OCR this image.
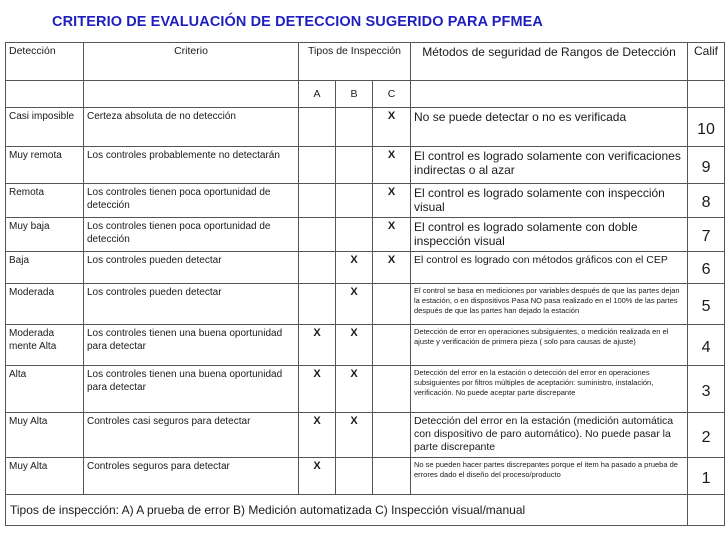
CRITERIO DE EVALUACIÓN DE DETECCION SUGERIDO PARA PFMEA
Detección	Criterio	Tipos de Inspección			Métodos de seguridad de Rangos de Detección	Calif
		A	B	C		
Casi imposible	Certeza absoluta de no detección			X	No se puede detectar o no es verificada	10
Muy remota	Los controles probablemente no detectarán			X	El control es logrado solamente con verificaciones indirectas o al azar	9
Remota	Los controles tienen poca oportunidad de detección			X	El control es logrado solamente con inspección visual	8
Muy baja	Los controles tienen poca oportunidad de detección			X	El control es logrado solamente con doble inspección visual	7
Baja	Los controles pueden detectar		X	X	El control es logrado con métodos gráficos con el CEP	6
Moderada	Los controles pueden detectar		X		El control se basa en mediciones por variables después de que las partes dejan la estación, o en dispositivos Pasa NO pasa realizado en el 100% de las partes después de que las partes han dejado la estación	5
Moderada mente Alta	Los controles tienen una buena oportunidad para detectar	X	X		Detección de error en operaciones subsiguientes, o medición realizada en el ajuste y verificación de primera pieza ( solo para causas de ajuste)	4
Alta	Los controles tienen una buena oportunidad para detectar	X	X		Detección del error en la estación o detección del error en operaciones subsiguientes por filtros múltiples de aceptación: suministro, instalación, verificación. No puede aceptar parte discrepante	3
Muy Alta	Controles casi seguros para detectar	X	X		Detección del error en la estación (medición automática con dispositivo de paro automático). No puede pasar la parte discrepante	2
Muy Alta	Controles seguros para detectar	X			No se pueden hacer partes discrepantes porque el item ha pasado a prueba de errores dado el diseño del proceso/producto	1
Tipos de inspección: A) A prueba de error B) Medición automatizada C) Inspección visual/manual						
